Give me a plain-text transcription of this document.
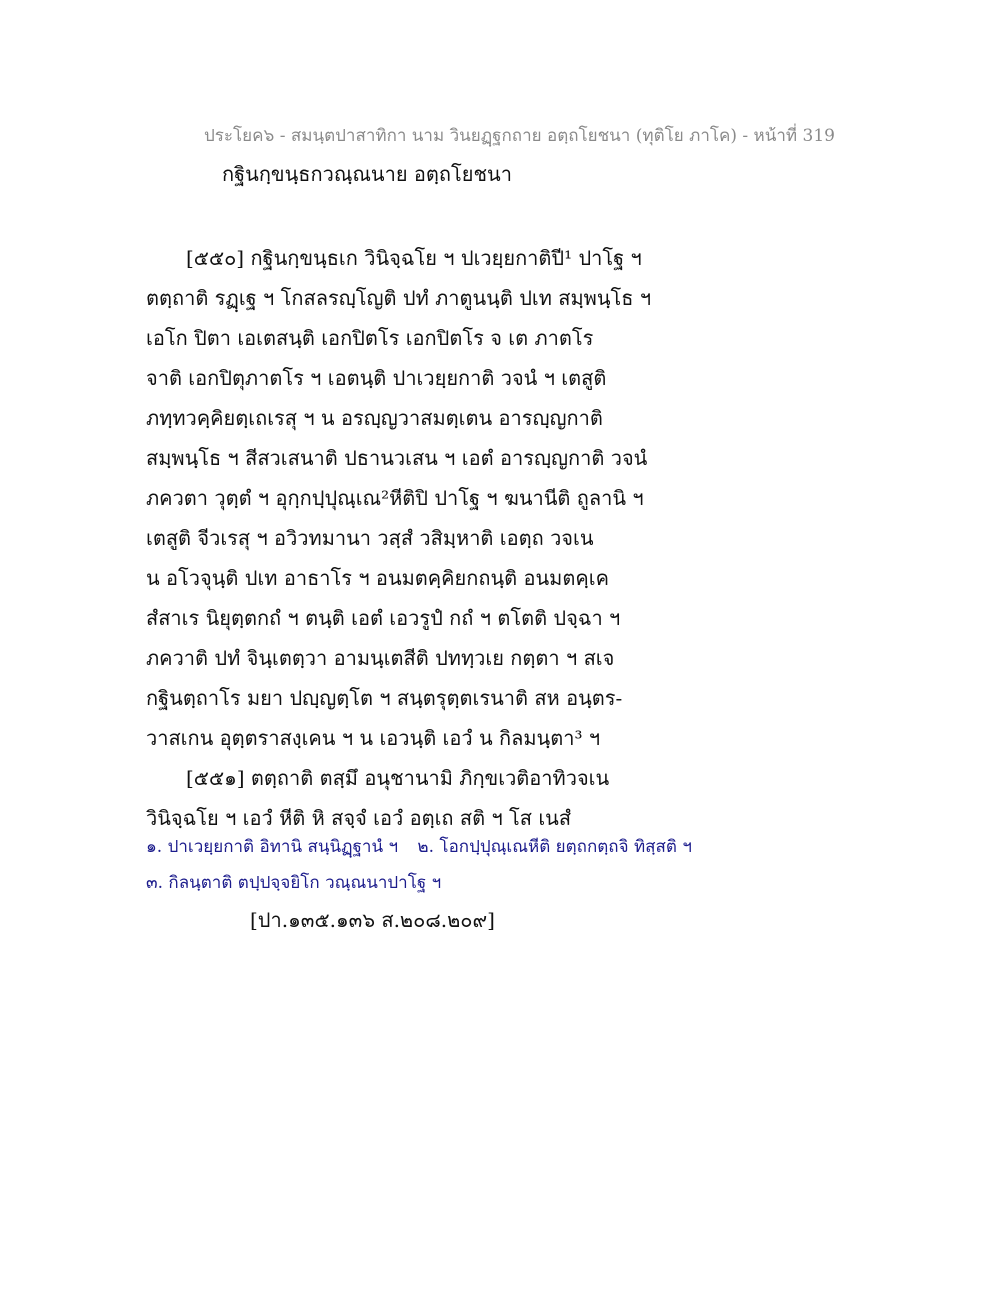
ประโยค๖ - สมนฺตปาสาทิกา นาม วินยฏฺฐกถาย อตฺถโยชนา (ทุติโย ภาโค) - หน้าที่ 319
กฐินกฺขนฺธกวณฺณนาย อตฺถโยชนา
[๕๕๐] กฐินกฺขนฺธเก วินิจฺฉโย ฯ ปเวยฺยกาติปี¹ ปาโฐ ฯ
ตตฺถาติ รฏฺเฐ ฯ โกสลรญฺโญติ ปทํ ภาตูนนฺติ ปเท สมฺพนฺโธ ฯ
เอโก ปิตา เอเตสนฺติ เอกปิตโร เอกปิตโร จ เต ภาตโร
จาติ เอกปิตุภาตโร ฯ เอตนฺติ ปาเวยฺยกาติ วจนํ ฯ เตสูติ
ภทฺทวคฺคิยตฺเถเรสุ ฯ น อรญฺญวาสมตฺเตน อารญฺญกาติ
สมฺพนฺโธ ฯ สีสวเสนาติ ปธานวเสน ฯ เอตํ อารญฺญกาติ วจนํ
ภควตา วุตฺตํ ฯ อุกฺกปฺปุณฺเณ²หีติปิ ปาโฐ ฯ ฆนานีติ ถูลานิ ฯ
เตสูติ จีวเรสุ ฯ อวิวทมานา วสฺสํ วสิมฺหาติ เอตฺถ วจเน
น อโวจุนฺติ ปเท อาธาโร ฯ อนมตคฺคิยกถนฺติ อนมตคฺเค
สํสาเร นิยุตฺตกถํ ฯ ตนฺติ เอตํ เอวรูปํ กถํ ฯ ตโตติ ปจฺฉา ฯ
ภควาติ ปทํ จินฺเตตฺวา อามนฺเตสีติ ปททฺวเย กตฺตา ฯ สเจ
กฐินตฺถาโร มยา ปญฺญตฺโต ฯ สนฺตรุตฺตเรนาติ สห อนฺตร-
วาสเกน อุตฺตราสงฺเคน ฯ น เอวนฺติ เอวํ น กิลมนฺตา³ ฯ
[๕๕๑] ตตฺถาติ ตสฺมึ อนุชานามิ ภิกฺขเวติอาทิวจเน
วินิจฺฉโย ฯ เอวํ หีติ หิ สจฺจํ เอวํ อตฺเถ สติ ฯ โส เนสํ
๑. ปาเวยฺยกาติ อิทานิ สนฺนิฏฺฐานํ ฯ ๒. โอกปฺปุณฺเณหีติ ยตฺถกตฺถจิ ทิสฺสติ ฯ
๓. กิลนฺตาติ ตปฺปจฺจยิโก วณฺณนาปาโฐ ฯ
[ปา.๑๓๕.๑๓๖ ส.๒๐๘.๒๐๙]
